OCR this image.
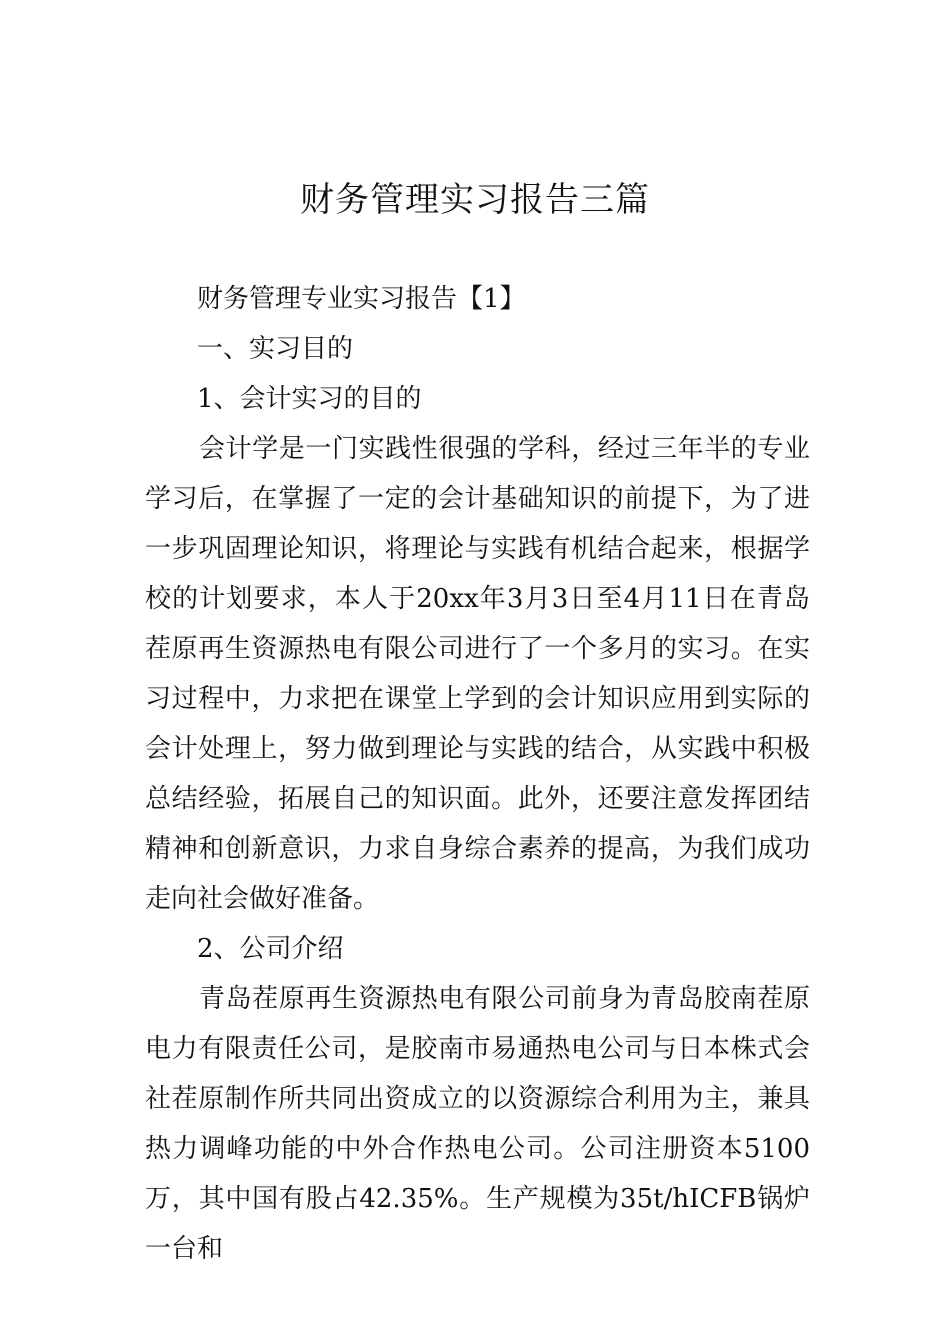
财务管理实习报告三篇

财务管理专业实习报告【1】

一、实习目的

1、会计实习的目的

会计学是一门实践性很强的学科，经过三年半的专业学习后，在掌握了一定的会计基础知识的前提下，为了进一步巩固理论知识，将理论与实践有机结合起来，根据学校的计划要求，本人于20xx年3月3日至4月11日在青岛茬原再生资源热电有限公司进行了一个多月的实习。在实习过程中，力求把在课堂上学到的会计知识应用到实际的会计处理上，努力做到理论与实践的结合，从实践中积极总结经验，拓展自己的知识面。此外，还要注意发挥团结精神和创新意识，力求自身综合素养的提高，为我们成功走向社会做好准备。

2、公司介绍

青岛茬原再生资源热电有限公司前身为青岛胶南茬原电力有限责任公司，是胶南市易通热电公司与日本株式会社茬原制作所共同出资成立的以资源综合利用为主，兼具热力调峰功能的中外合作热电公司。公司注册资本5100万，其中国有股占42.35%。生产规模为35t/hICFB锅炉一台和
